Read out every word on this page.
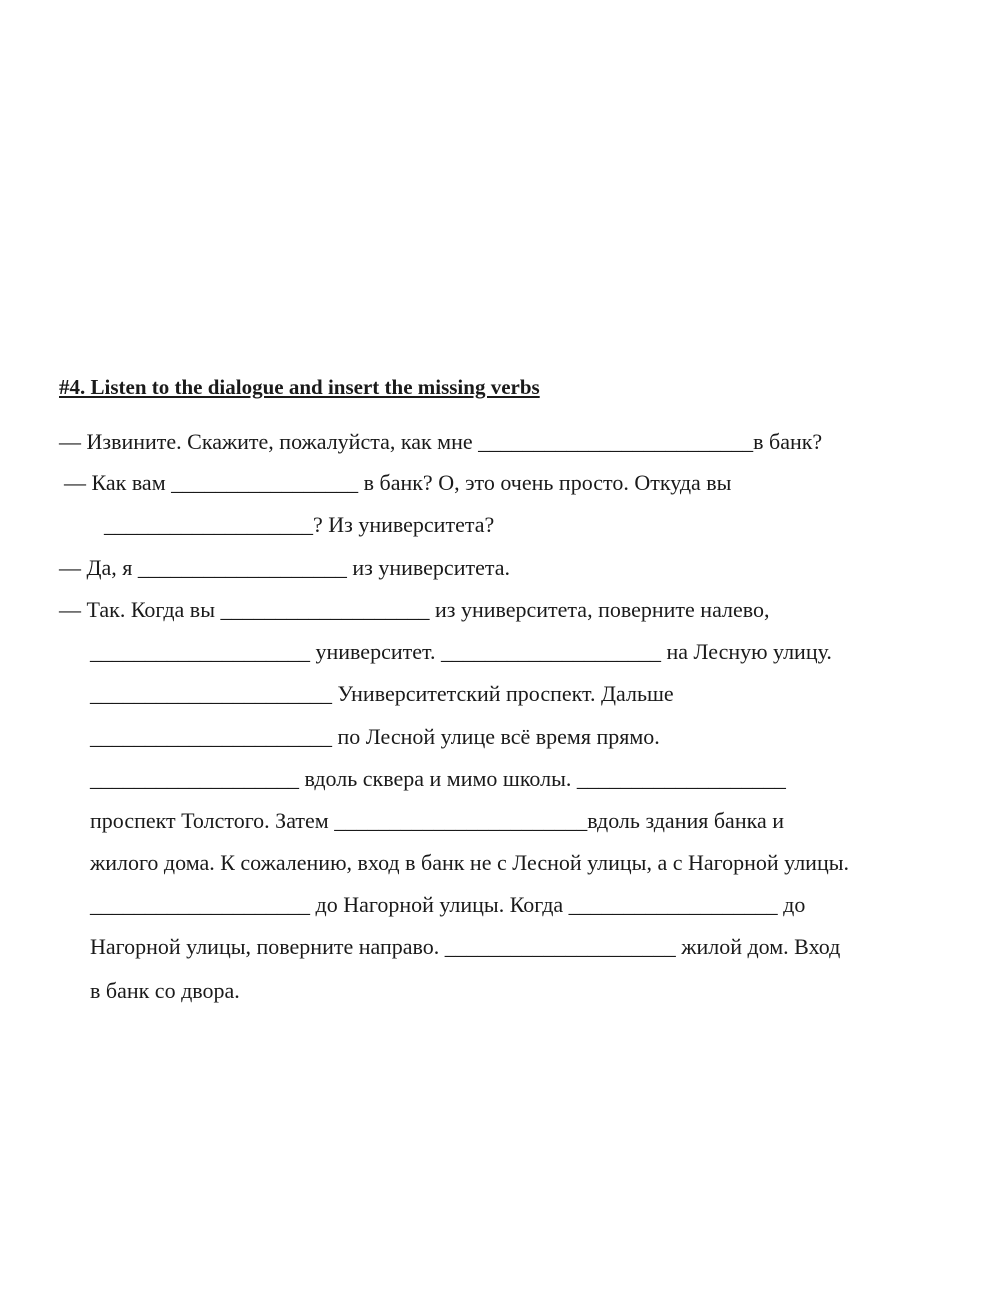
#4. Listen to the dialogue and insert the missing verbs
— Извините. Скажите, пожалуйста, как мне _________________________в банк?
— Как вам _________________ в банк? О, это очень просто. Откуда вы
___________________? Из университета?
— Да, я ___________________ из университета.
— Так. Когда вы ___________________ из университета, поверните налево,
____________________ университет. ____________________ на Лесную улицу.
______________________ Университетский проспект. Дальше
______________________ по Лесной улице всё время прямо.
___________________ вдоль сквера и мимо школы. ___________________
проспект Толстого. Затем _______________________вдоль здания банка и
жилого дома. К сожалению, вход в банк не с Лесной улицы, а с Нагорной улицы.
____________________ до Нагорной улицы. Когда ___________________ до
Нагорной улицы, поверните направо. _____________________ жилой дом. Вход
в банк со двора.
